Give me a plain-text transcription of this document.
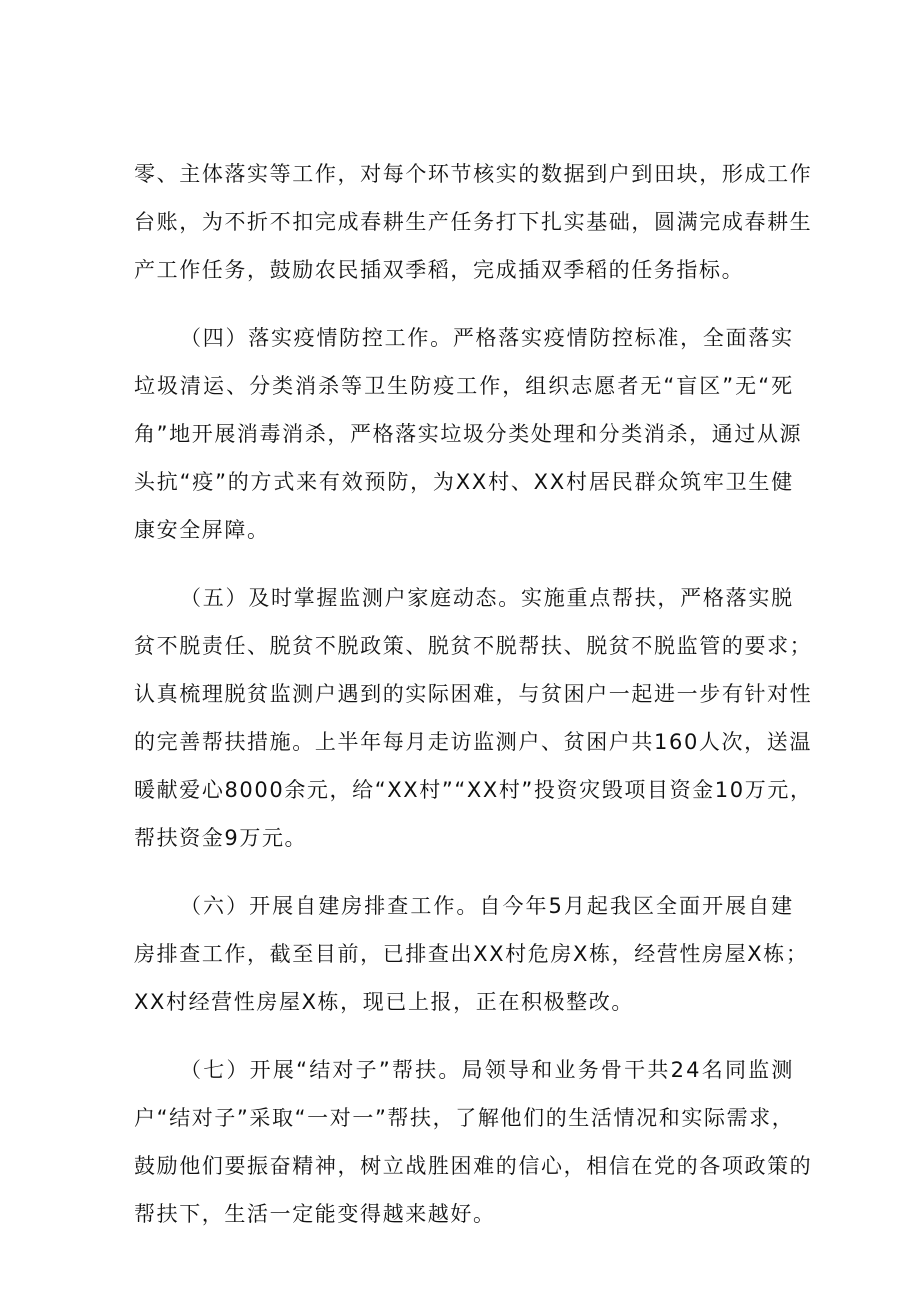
零 、 主 体 落 实 等 工 作 ， 对 每 个 环 节 核 实 的 数 据 到 户 到 田 块 ， 形 成 工 作
台 账 ， 为 不 折 不 扣 完 成 春 耕 生 产 任 务 打 下 扎 实 基 础 ， 圆 满 完 成 春 耕 生
产工作任务，鼓励农民插双季稻，完成插双季稻的任务指标。
（ 四 ） 落 实 疫 情 防 控 工 作 。 严 格 落 实 疫 情 防 控 标 准 ， 全 面 落 实
垃 圾 清 运 、 分 类 消 杀 等 卫 生 防 疫 工 作 ， 组 织 志 愿 者 无 “ 盲 区 ” 无 “ 死
角 ” 地 开 展 消 毒 消 杀 ， 严 格 落 实 垃 圾 分 类 处 理 和 分 类 消 杀 ， 通 过 从 源
头 抗 “ 疫 ” 的 方 式 来 有 效 预 防 ， 为 X X 村 、 X X 村 居 民 群 众 筑 牢 卫 生 健
康安全屏障。
（ 五 ） 及 时 掌 握 监 测 户 家 庭 动 态 。 实 施 重 点 帮 扶 ， 严 格 落 实 脱
贫 不 脱 责 任 、 脱 贫 不 脱 政 策 、 脱 贫 不 脱 帮 扶 、 脱 贫 不 脱 监 管 的 要 求 ；
认 真 梳 理 脱 贫 监 测 户 遇 到 的 实 际 困 难 ， 与 贫 困 户 一 起 进 一 步 有 针 对 性
的 完 善 帮 扶 措 施 。 上 半 年 每 月 走 访 监 测 户 、 贫 困 户 共 1 6 0 人 次 ， 送 温
暖 献 爱 心 8 0 0 0 余 元 ， 给 “ X X 村 ” “ X X 村 ” 投 资 灾 毁 项 目 资 金 1 0 万 元 ，
帮扶资金9万元。
（ 六 ） 开 展 自 建 房 排 查 工 作 。 自 今 年 5 月 起 我 区 全 面 开 展 自 建
房 排 查 工 作 ， 截 至 目 前 ， 已 排 查 出 X X 村 危 房 X 栋 ， 经 营 性 房 屋 X 栋 ；
XX村经营性房屋X栋，现已上报，正在积极整改。
（ 七 ） 开 展 “ 结 对 子 ” 帮 扶 。 局 领 导 和 业 务 骨 干 共 2 4 名 同 监 测
户 “ 结 对 子 ” 采 取 “ 一 对 一 ” 帮 扶 ， 了 解 他 们 的 生 活 情 况 和 实 际 需 求 ，
鼓 励 他 们 要 振 奋 精 神 ， 树 立 战 胜 困 难 的 信 心 ， 相 信 在 党 的 各 项 政 策 的
帮扶下，生活一定能变得越来越好。
